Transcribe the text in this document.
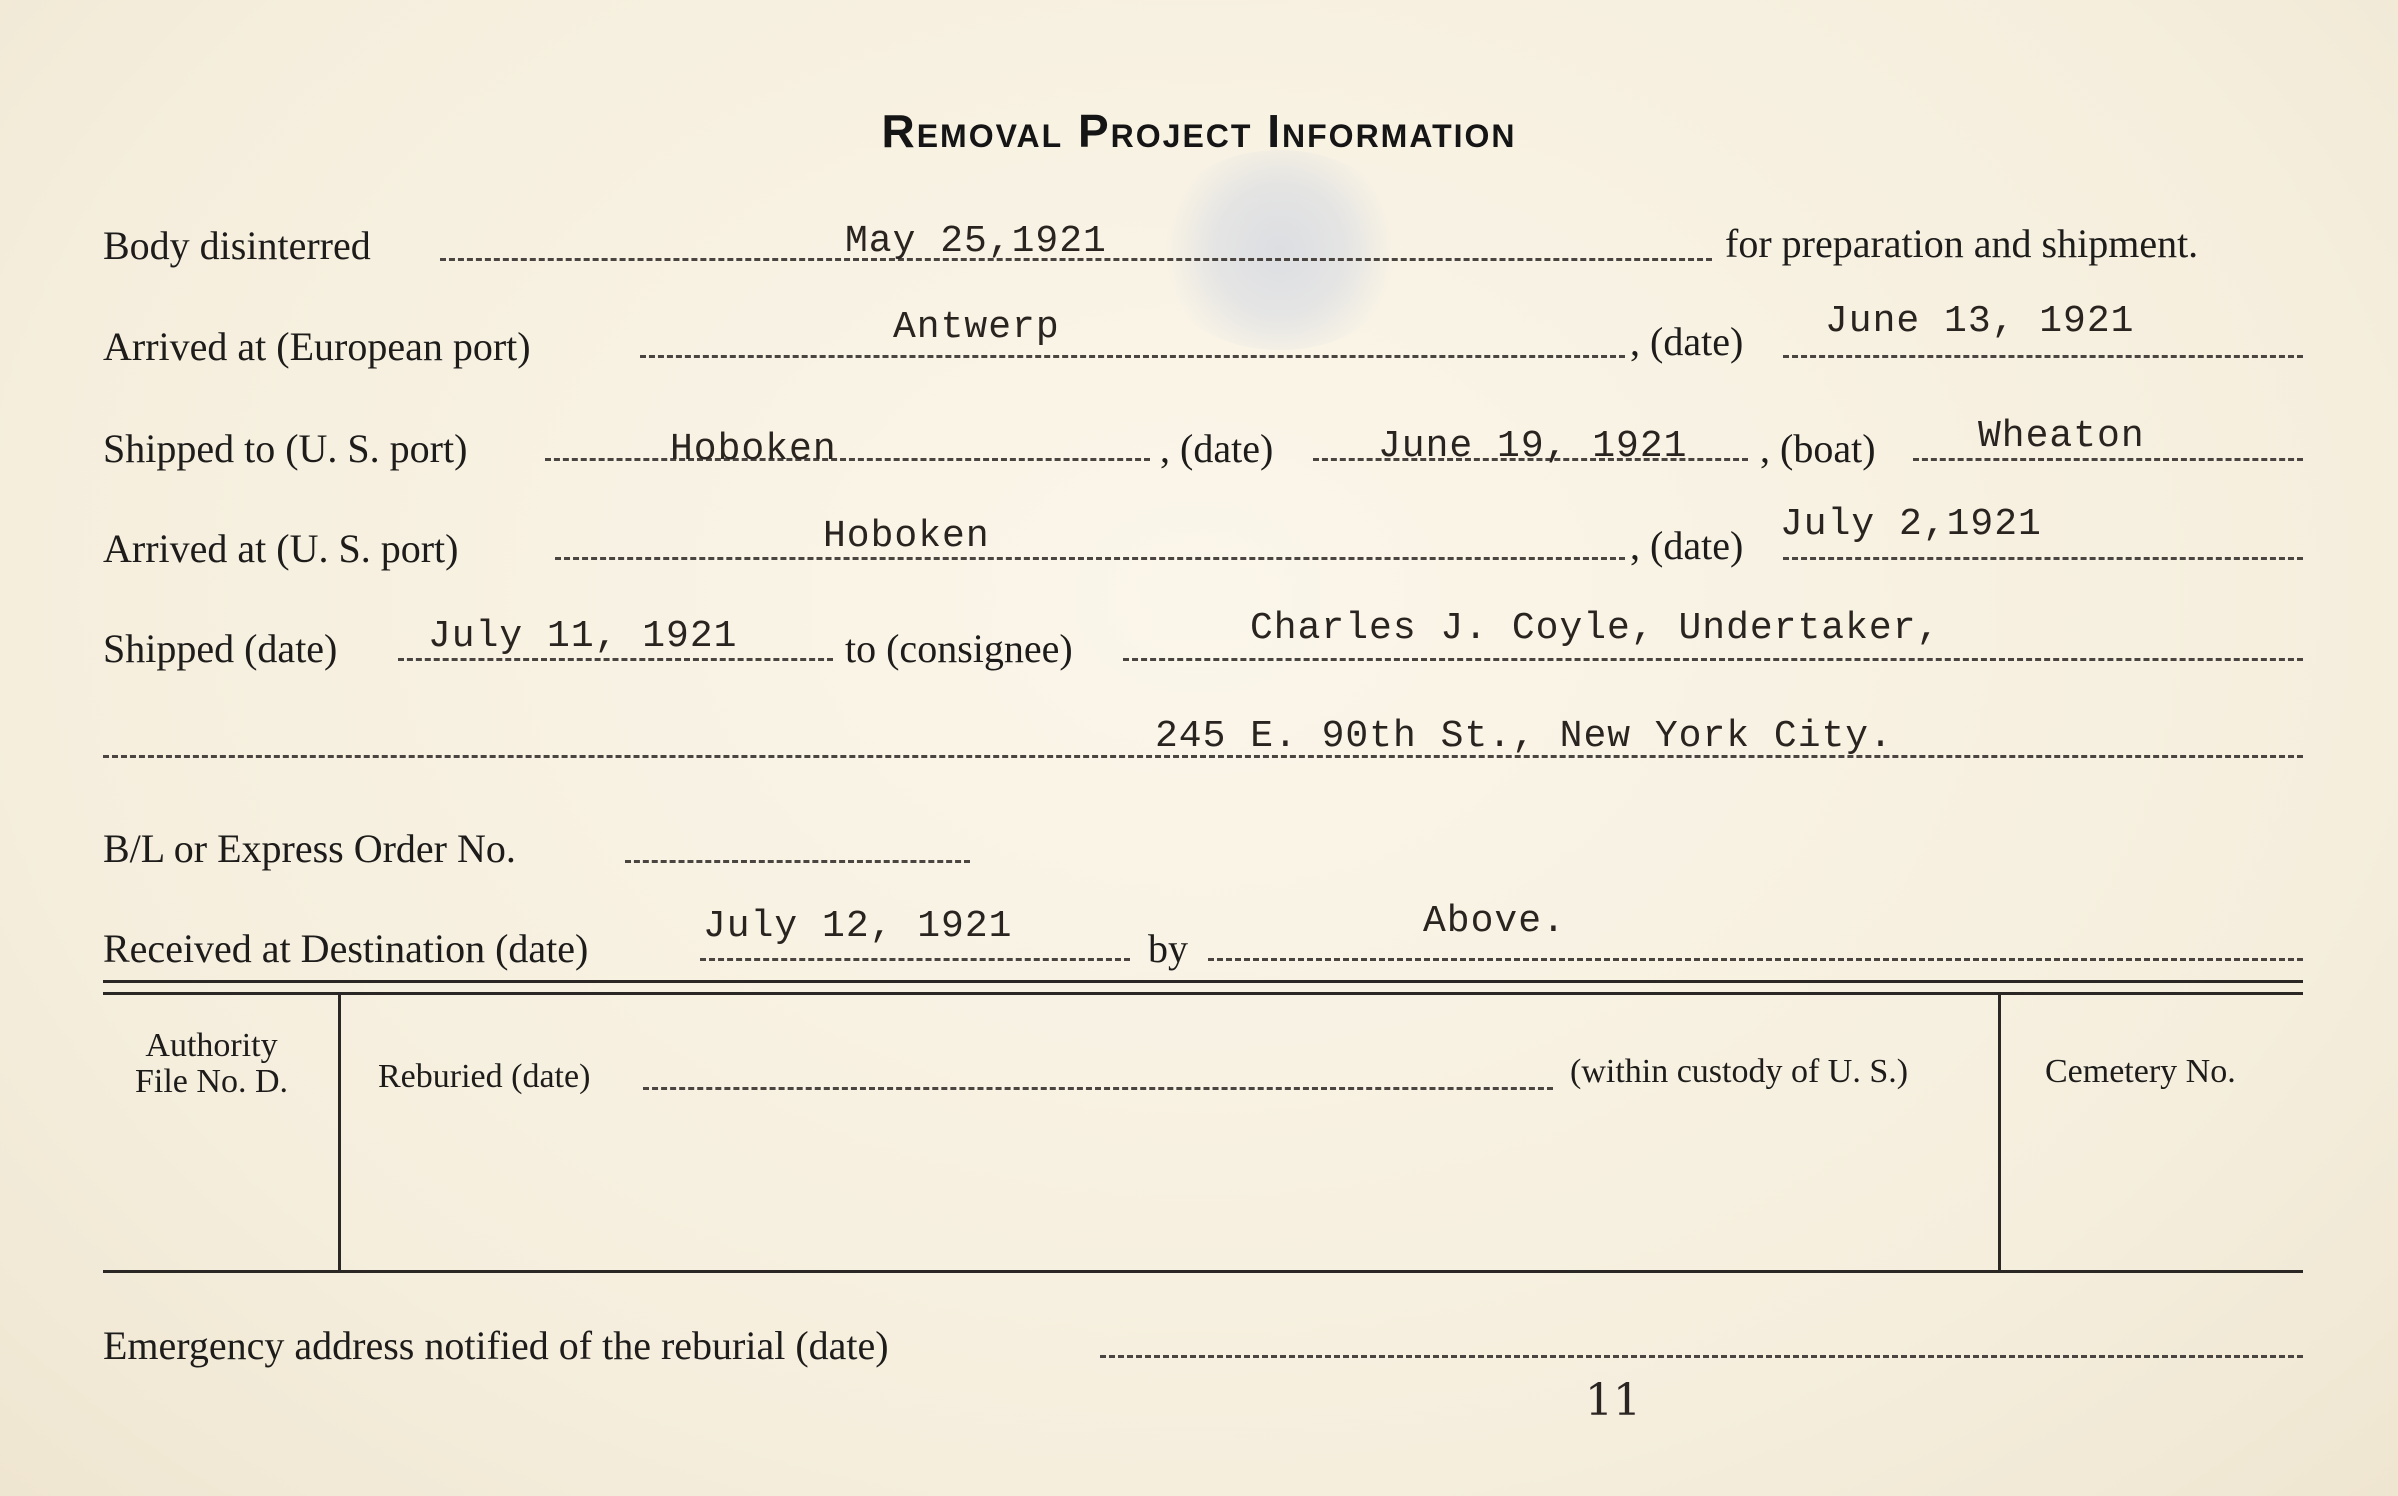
Removal Project Information
Body disinterred	May 25,1921	for preparation and shipment.
Arrived at (European port)	Antwerp	, (date) June 13, 1921
Shipped to (U. S. port)	Hoboken	, (date)	June 19, 1921 , (boat)	Wheaton
Arrived at (U. S. port)	Hoboken	, (date) July 2,1921
Shipped (date) July 11, 1921	to (consignee)	Charles J. Coyle, Undertaker,
245 E. 90th St., New York City.
B/L or Express Order No.
Received at Destination (date)	July 12, 1921	by
Above.
Authority
File No. D.	Reburied (date)	(within custody of U. S.)	Cemetery No.
Emergency address notified of the reburial (date)
11
